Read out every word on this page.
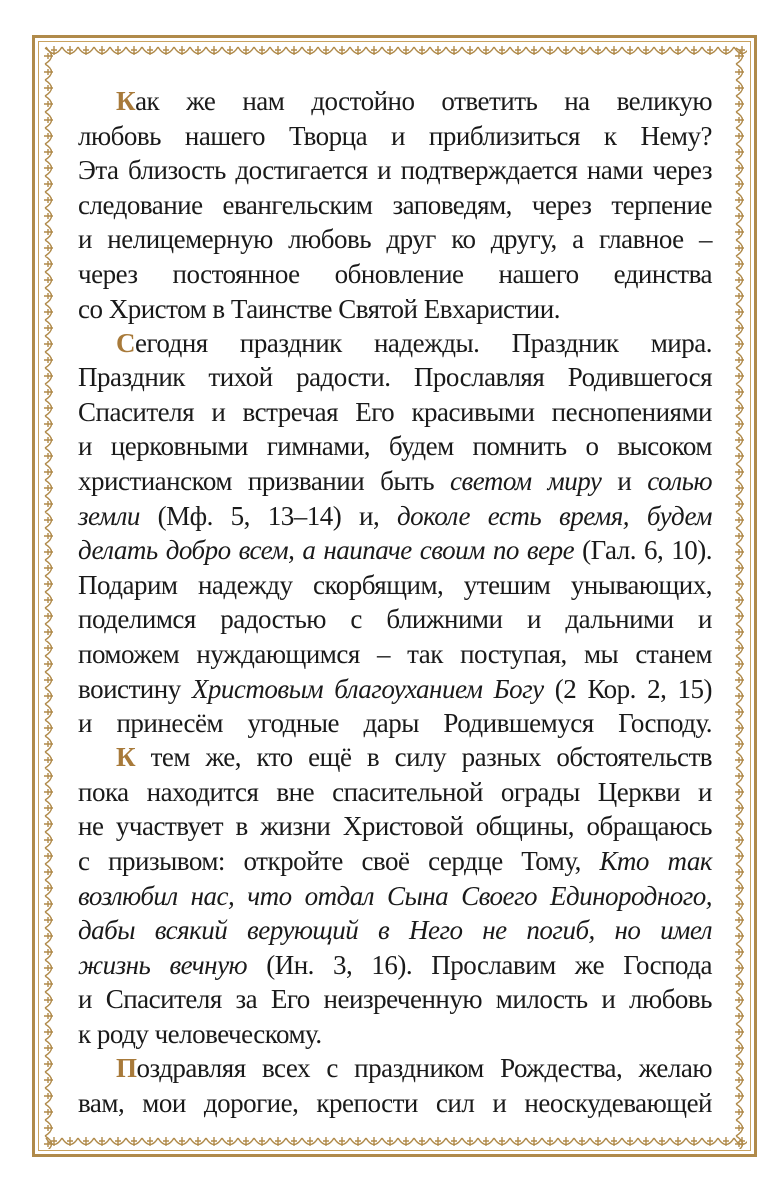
Как же нам достойно ответить на великую
любовь нашего Творца и приблизиться к Нему?
Эта близость достигается и подтверждается нами через
следование евангельским заповедям, через терпение
и нелицемерную любовь друг ко другу, а главное –
через постоянное обновление нашего единства
со Христом в Таинстве Святой Евхаристии.
Сегодня праздник надежды. Праздник мира.
Праздник тихой радости. Прославляя Родившегося
Спасителя и встречая Его красивыми песнопениями
и церковными гимнами, будем помнить о высоком
христианском призвании быть светом миру и солью
земли (Мф. 5, 13–14) и, доколе есть время, будем
делать добро всем, а наипаче своим по вере (Гал. 6, 10).
Подарим надежду скорбящим, утешим унывающих,
поделимся радостью с ближними и дальними и
поможем нуждающимся – так поступая, мы станем
воистину Христовым благоуханием Богу (2 Кор. 2, 15)
и принесём угодные дары Родившемуся Господу.
К тем же, кто ещё в силу разных обстоятельств
пока находится вне спасительной ограды Церкви и
не участвует в жизни Христовой общины, обращаюсь
с призывом: откройте своё сердце Тому, Кто так
возлюбил нас, что отдал Сына Своего Единородного,
дабы всякий верующий в Него не погиб, но имел
жизнь вечную (Ин. 3, 16). Прославим же Господа
и Спасителя за Его неизреченную милость и любовь
к роду человеческому.
Поздравляя всех с праздником Рождества, желаю
вам, мои дорогие, крепости сил и неоскудевающей
